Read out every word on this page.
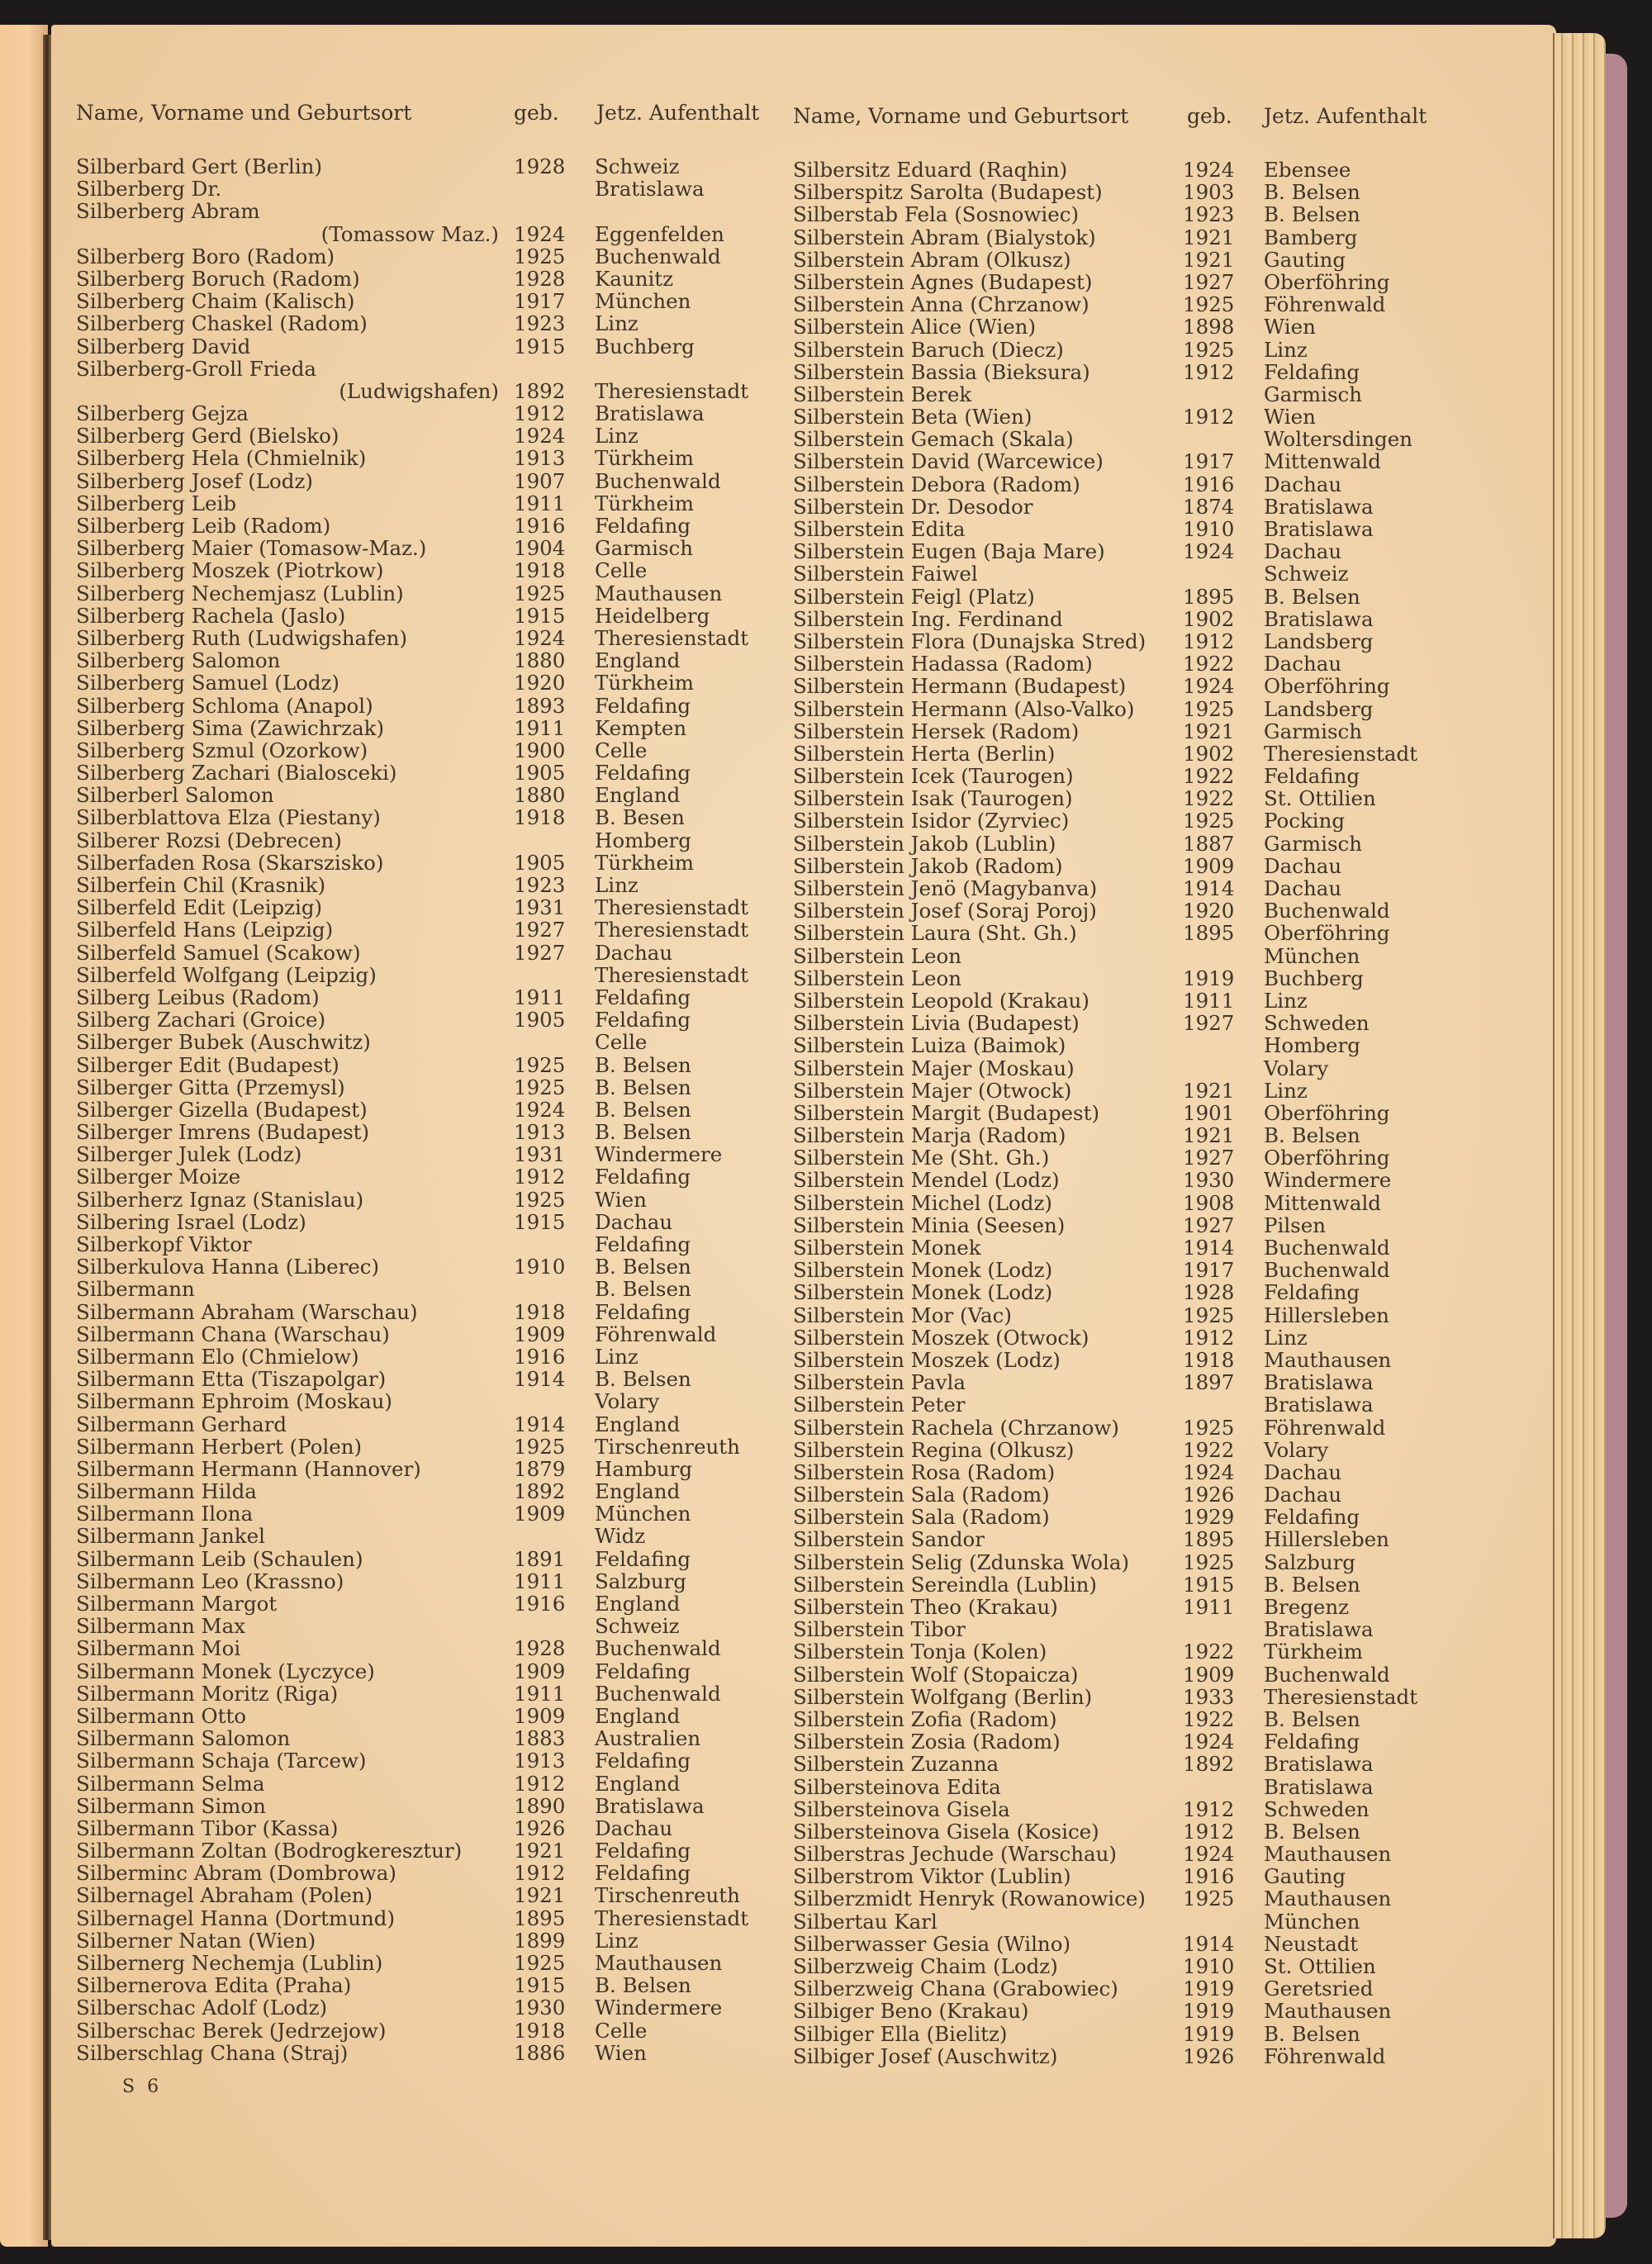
Name, Vorname und Geburtsort	geb. Jetz. Aufenthalt
Silberbard Gert (Berlin)	1928 Schweiz
Silberberg Dr.	Bratislawa
Silberberg Abram
(Tomassow Maz.) 1924 Eggenfelden
Silberberg Boro (Radom)	1925 Buchenwald
Silberberg Boruch (Radom)	1928 Kaunitz
Silberberg Chaim (Kalisch)	1917 München
Silberberg Chaskel (Radom)	1923 Linz
Silberberg David	1915 Buchberg
Silberberg-Groll Frieda
(Ludwigshafen) 1892 Theresienstadt
Silberberg Gejza	1912 Bratislawa
Silberberg Gerd (Bielsko)	1924 Linz
Silberberg Hela (Chmielnik)	1913 Türkheim
Silberberg Josef (Lodz)	1907 Buchenwald
Silberberg Leib	1911 Türkheim
Silberberg Leib (Radom)	1916 Feldafing
Silberberg Maier (Tomasow-Maz.)	1904 Garmisch
Silberberg Moszek (Piotrkow)	1918 Celle
Silberberg Nechemjasz (Lublin)	1925 Mauthausen
Silberberg Rachela (Jaslo)	1915 Heidelberg
Silberberg Ruth (Ludwigshafen)	1924 Theresienstadt
Silberberg Salomon	1880 England
Silberberg Samuel (Lodz)	1920 Türkheim
Silberberg Schloma (Anapol)	1893 Feldafing
Silberberg Sima (Zawichrzak)	1911 Kempten
Silberberg Szmul (Ozorkow)	1900 Celle
Silberberg Zachari (Bialosceki)	1905 Feldafing
Silberberl Salomon	1880 England
Silberblattova Elza (Piestany)	1918 B. Besen
Silberer Rozsi (Debrecen)	Homberg
Silberfaden Rosa (Skarszisko)	1905 Türkheim
Silberfein Chil (Krasnik)	1923 Linz
Silberfeld Edit (Leipzig)	1931 Theresienstadt
Silberfeld Hans (Leipzig)	1927 Theresienstadt
Silberfeld Samuel (Scakow)	1927 Dachau
Silberfeld Wolfgang (Leipzig)	Theresienstadt
Silberg Leibus (Radom)	1911 Feldafing
Silberg Zachari (Groice)	1905 Feldafing
Silberger Bubek (Auschwitz)	Celle
Silberger Edit (Budapest)	1925 B. Belsen
Silberger Gitta (Przemysl)	1925 B. Belsen
Silberger Gizella (Budapest)	1924 B. Belsen
Silberger Imrens (Budapest)	1913 B. Belsen
Silberger Julek (Lodz)	1931 Windermere
Silberger Moize	1912 Feldafing
Silberherz Ignaz (Stanislau)	1925 Wien
Silbering Israel (Lodz)	1915 Dachau
Silberkopf Viktor	Feldafing
Silberkulova Hanna (Liberec)	1910 B. Belsen
Silbermann	B. Belsen
Silbermann Abraham (Warschau)	1918 Feldafing
Silbermann Chana (Warschau)	1909 Föhrenwald
Silbermann Elo (Chmielow)	1916 Linz
Silbermann Etta (Tiszapolgar)	1914 B. Belsen
Silbermann Ephroim (Moskau)	Volary
Silbermann Gerhard	1914 England
Silbermann Herbert (Polen)	1925 Tirschenreuth
Silbermann Hermann (Hannover)	1879 Hamburg
Silbermann Hilda	1892 England
Silbermann Ilona	1909 München
Silbermann Jankel	Widz
Silbermann Leib (Schaulen)	1891 Feldafing
Silbermann Leo (Krassno)	1911 Salzburg
Silbermann Margot	1916 England
Silbermann Max	Schweiz
Silbermann Moi	1928 Buchenwald
Silbermann Monek (Lyczyce)	1909 Feldafing
Silbermann Moritz (Riga)	1911 Buchenwald
Silbermann Otto	1909 England
Silbermann Salomon	1883 Australien
Silbermann Schaja (Tarcew)	1913 Feldafing
Silbermann Selma	1912 England
Silbermann Simon	1890 Bratislawa
Silbermann Tibor (Kassa)	1926 Dachau
Silbermann Zoltan (Bodrogkeresztur)	1921 Feldafing
Silberminc Abram (Dombrowa)	1912 Feldafing
Silbernagel Abraham (Polen)	1921 Tirschenreuth
Silbernagel Hanna (Dortmund)	1895 Theresienstadt
Silberner Natan (Wien)	1899 Linz
Silbernerg Nechemja (Lublin)	1925 Mauthausen
Silbernerova Edita (Praha)	1915 B. Belsen
Silberschac Adolf (Lodz)	1930 Windermere
Silberschac Berek (Jedrzejow)	1918 Celle
Silberschlag Chana (Straj)	1886 Wien
Name, Vorname und Geburtsort	geb. Jetz. Aufenthalt
Silbersitz Eduard (Raqhin)	1924 Ebensee
Silberspitz Sarolta (Budapest)	1903 B. Belsen
Silberstab Fela (Sosnowiec)	1923 B. Belsen
Silberstein Abram (Bialystok)	1921 Bamberg
Silberstein Abram (Olkusz)	1921 Gauting
Silberstein Agnes (Budapest)	1927 Oberföhring
Silberstein Anna (Chrzanow)	1925 Föhrenwald
Silberstein Alice (Wien)	1898 Wien
Silberstein Baruch (Diecz)	1925 Linz
Silberstein Bassia (Bieksura)	1912 Feldafing
Silberstein Berek	Garmisch
Silberstein Beta (Wien)	1912 Wien
Silberstein Gemach (Skala)	Woltersdingen
Silberstein David (Warcewice)	1917 Mittenwald
Silberstein Debora (Radom)	1916 Dachau
Silberstein Dr. Desodor	1874 Bratislawa
Silberstein Edita	1910 Bratislawa
Silberstein Eugen (Baja Mare)	1924 Dachau
Silberstein Faiwel	Schweiz
Silberstein Feigl (Platz)	1895 B. Belsen
Silberstein Ing. Ferdinand	1902 Bratislawa
Silberstein Flora (Dunajska Stred) 1912 Landsberg
Silberstein Hadassa (Radom)	1922 Dachau
Silberstein Hermann (Budapest)	1924 Oberföhring
Silberstein Hermann (Also-Valko) 1925 Landsberg
Silberstein Hersek (Radom)	1921 Garmisch
Silberstein Herta (Berlin)	1902 Theresienstadt
Silberstein Icek (Taurogen)	1922 Feldafing
Silberstein Isak (Taurogen)	1922 St. Ottilien
Silberstein Isidor (Zyrviec)	1925 Pocking
Silberstein Jakob (Lublin)	1887 Garmisch
Silberstein Jakob (Radom)	1909 Dachau
Silberstein Jenö (Magybanva)	1914 Dachau
Silberstein Josef (Soraj Poroj)	1920 Buchenwald
Silberstein Laura (Sht. Gh.)	1895 Oberföhring
Silberstein Leon	München
Silberstein Leon	1919 Buchberg
Silberstein Leopold (Krakau)	1911 Linz
Silberstein Livia (Budapest)	1927 Schweden
Silberstein Luiza (Baimok)	Homberg
Silberstein Majer (Moskau)	Volary
Silberstein Majer (Otwock)	1921 Linz
Silberstein Margit (Budapest)	1901 Oberföhring
Silberstein Marja (Radom)	1921 B. Belsen
Silberstein Me (Sht. Gh.)	1927 Oberföhring
Silberstein Mendel (Lodz)	1930 Windermere
Silberstein Michel (Lodz)	1908 Mittenwald
Silberstein Minia (Seesen)	1927 Pilsen
Silberstein Monek	1914 Buchenwald
Silberstein Monek (Lodz)	1917 Buchenwald
Silberstein Monek (Lodz)	1928 Feldafing
Silberstein Mor (Vac)	1925 Hillersleben
Silberstein Moszek (Otwock)	1912 Linz
Silberstein Moszek (Lodz)	1918 Mauthausen
Silberstein Pavla	1897 Bratislawa
Silberstein Peter	Bratislawa
Silberstein Rachela (Chrzanow)	1925 Föhrenwald
Silberstein Regina (Olkusz)	1922 Volary
Silberstein Rosa (Radom)	1924 Dachau
Silberstein Sala (Radom)	1926 Dachau
Silberstein Sala (Radom)	1929 Feldafing
Silberstein Sandor	1895 Hillersleben
Silberstein Selig (Zdunska Wola)	1925 Salzburg
Silberstein Sereindla (Lublin)	1915 B. Belsen
Silberstein Theo (Krakau)	1911 Bregenz
Silberstein Tibor	Bratislawa
Silberstein Tonja (Kolen)	1922 Türkheim
Silberstein Wolf (Stopaicza)	1909 Buchenwald
Silberstein Wolfgang (Berlin)	1933 Theresienstadt
Silberstein Zofia (Radom)	1922 B. Belsen
Silberstein Zosia (Radom)	1924 Feldafing
Silberstein Zuzanna	1892 Bratislawa
Silbersteinova Edita	Bratislawa
Silbersteinova Gisela	1912 Schweden
Silbersteinova Gisela (Kosice)	1912 B. Belsen
Silberstras Jechude (Warschau)	1924 Mauthausen
Silberstrom Viktor (Lublin)	1916 Gauting
Silberzmidt Henryk (Rowanowice) 1925 Mauthausen
Silbertau Karl	München
Silberwasser Gesia (Wilno)	1914 Neustadt
Silberzweig Chaim (Lodz)	1910 St. Ottilien
Silberzweig Chana (Grabowiec)	1919 Geretsried
Silbiger Beno (Krakau)	1919 Mauthausen
Silbiger Ella (Bielitz)	1919 B. Belsen
Silbiger Josef (Auschwitz)	1926 Föhrenwald
S 6
